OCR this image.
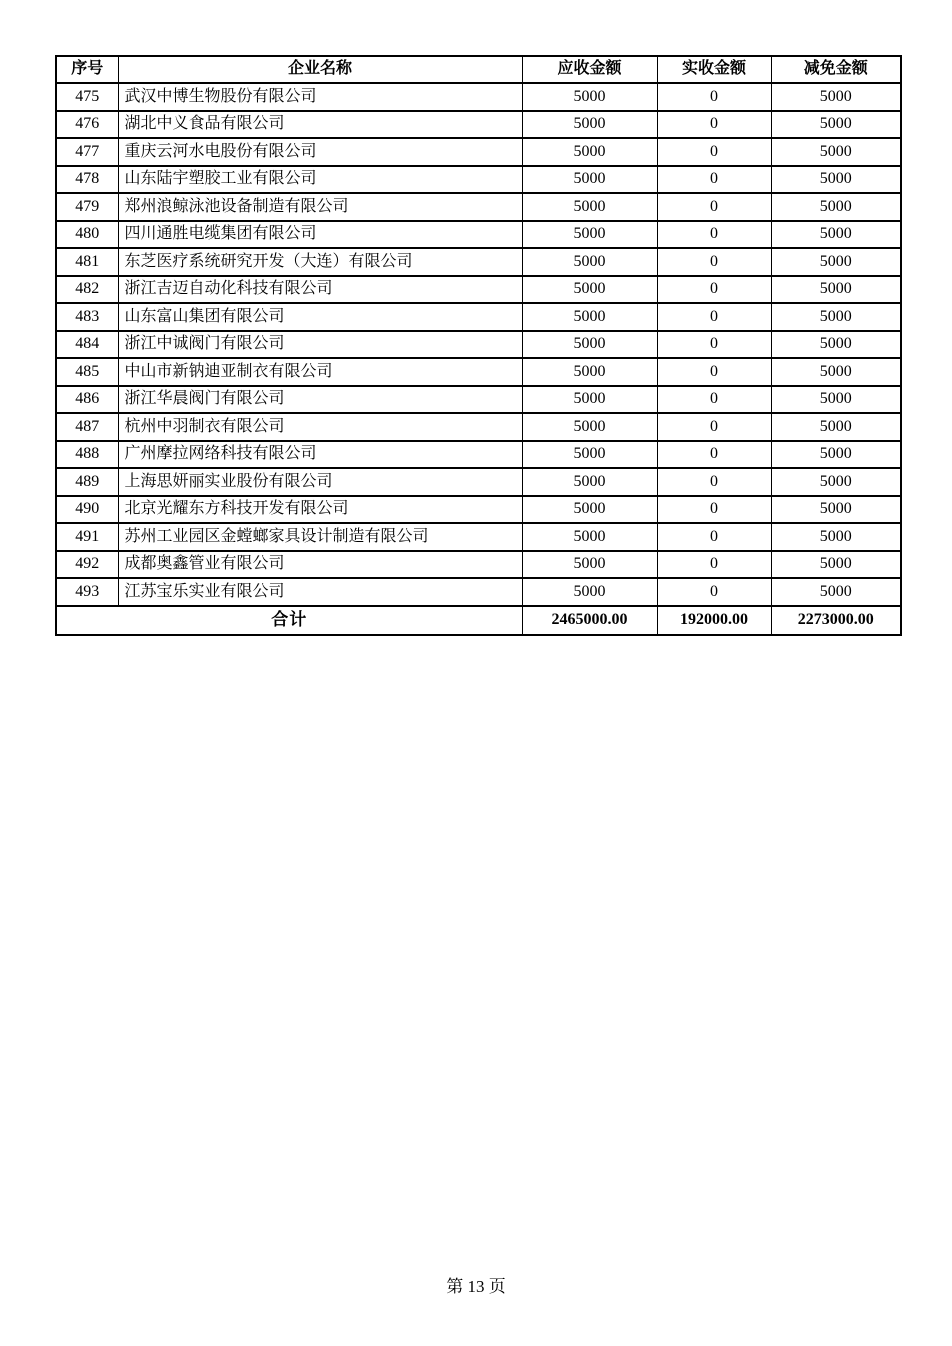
序号	企业名称	应收金额	实收金额	减免金额
475	武汉中博生物股份有限公司	5000	0	5000
476	湖北中义食品有限公司	5000	0	5000
477	重庆云河水电股份有限公司	5000	0	5000
478	山东陆宇塑胶工业有限公司	5000	0	5000
479	郑州浪鲸泳池设备制造有限公司	5000	0	5000
480	四川通胜电缆集团有限公司	5000	0	5000
481	东芝医疗系统研究开发（大连）有限公司	5000	0	5000
482	浙江吉迈自动化科技有限公司	5000	0	5000
483	山东富山集团有限公司	5000	0	5000
484	浙江中诚阀门有限公司	5000	0	5000
485	中山市新钠迪亚制衣有限公司	5000	0	5000
486	浙江华晨阀门有限公司	5000	0	5000
487	杭州中羽制衣有限公司	5000	0	5000
488	广州摩拉网络科技有限公司	5000	0	5000
489	上海思妍丽实业股份有限公司	5000	0	5000
490	北京光耀东方科技开发有限公司	5000	0	5000
491	苏州工业园区金螳螂家具设计制造有限公司	5000	0	5000
492	成都奥鑫管业有限公司	5000	0	5000
493	江苏宝乐实业有限公司	5000	0	5000
合计		2465000.00	192000.00	2273000.00
第 13 页
